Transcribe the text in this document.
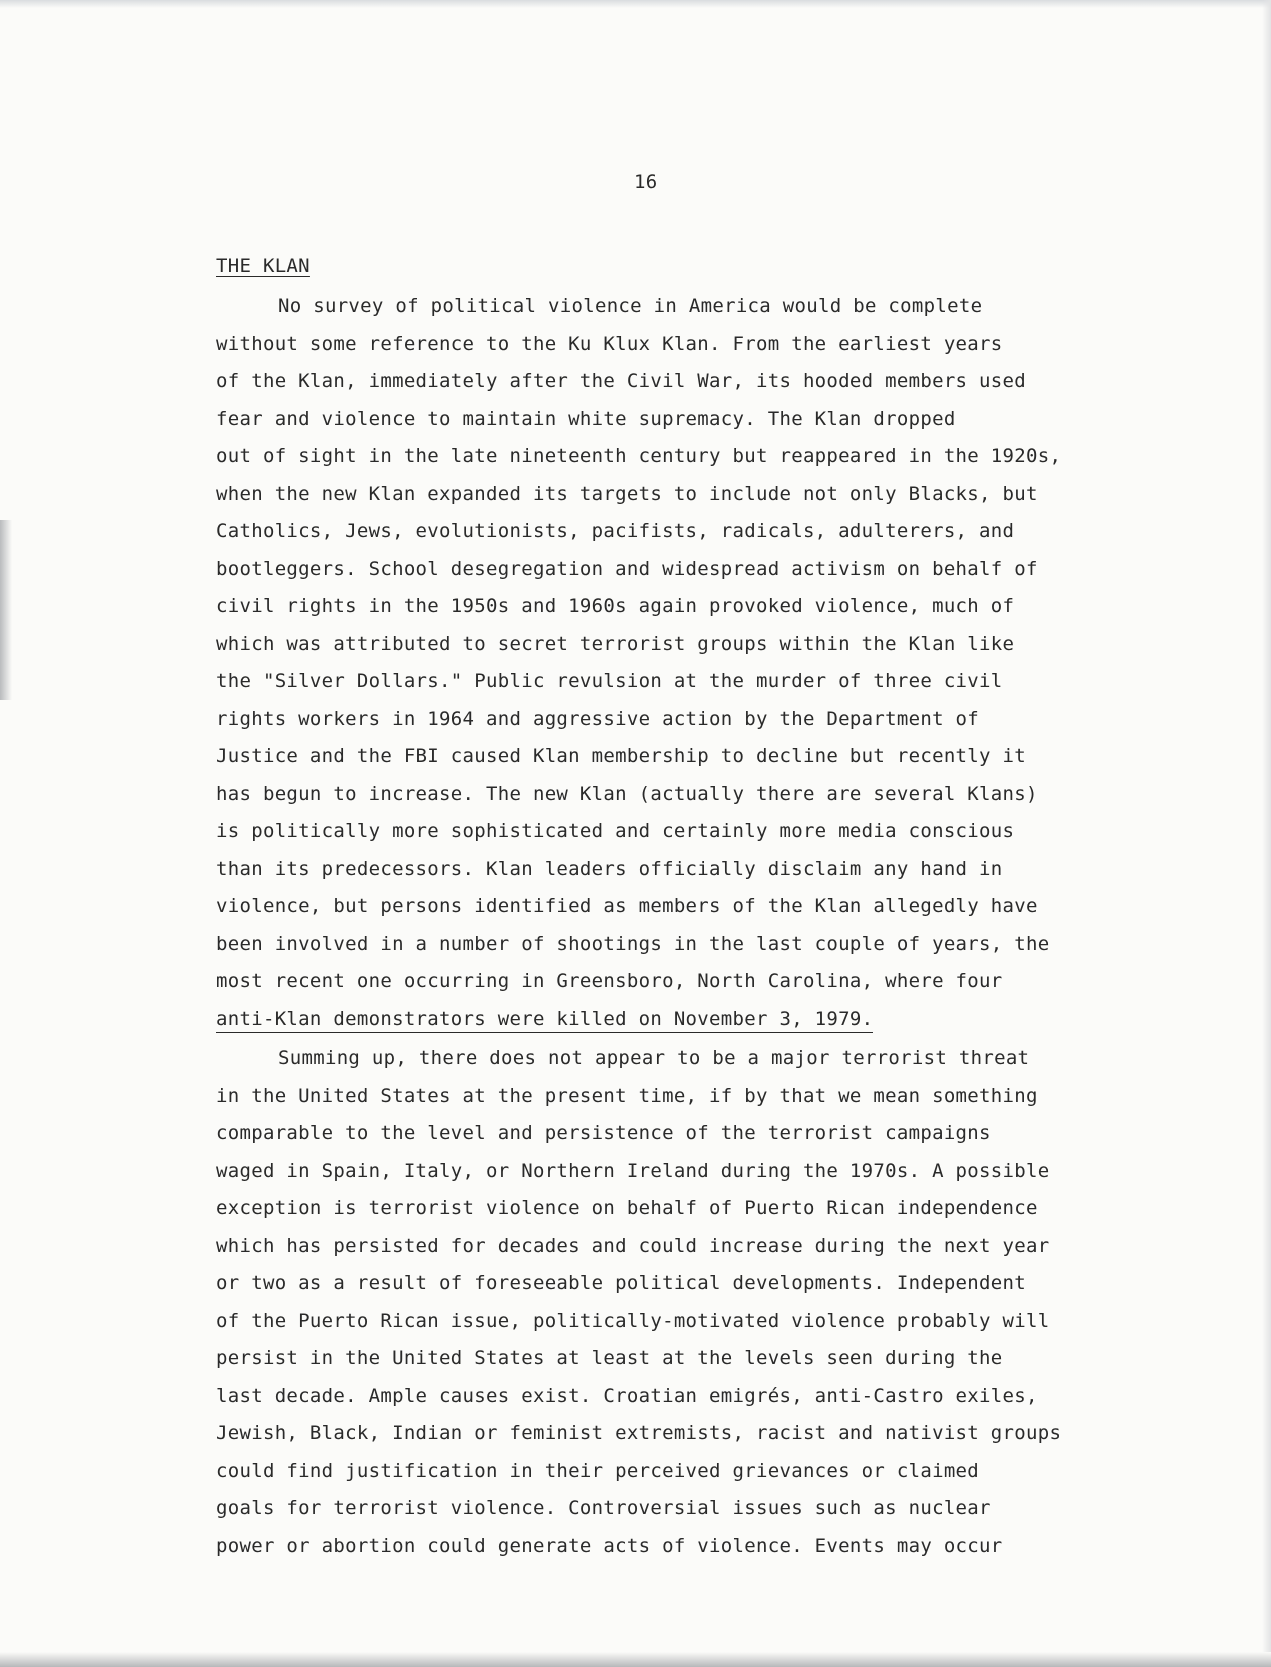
16

THE KLAN

No survey of political violence in America would be complete
without some reference to the Ku Klux Klan. From the earliest years
of the Klan, immediately after the Civil War, its hooded members used
fear and violence to maintain white supremacy. The Klan dropped
out of sight in the late nineteenth century but reappeared in the 1920s,
when the new Klan expanded its targets to include not only Blacks, but
Catholics, Jews, evolutionists, pacifists, radicals, adulterers, and
bootleggers. School desegregation and widespread activism on behalf of
civil rights in the 1950s and 1960s again provoked violence, much of
which was attributed to secret terrorist groups within the Klan like
the "Silver Dollars." Public revulsion at the murder of three civil
rights workers in 1964 and aggressive action by the Department of
Justice and the FBI caused Klan membership to decline but recently it
has begun to increase. The new Klan (actually there are several Klans)
is politically more sophisticated and certainly more media conscious
than its predecessors. Klan leaders officially disclaim any hand in
violence, but persons identified as members of the Klan allegedly have
been involved in a number of shootings in the last couple of years, the
most recent one occurring in Greensboro, North Carolina, where four
anti-Klan demonstrators were killed on November 3, 1979.
Summing up, there does not appear to be a major terrorist threat
in the United States at the present time, if by that we mean something
comparable to the level and persistence of the terrorist campaigns
waged in Spain, Italy, or Northern Ireland during the 1970s. A possible
exception is terrorist violence on behalf of Puerto Rican independence
which has persisted for decades and could increase during the next year
or two as a result of foreseeable political developments. Independent
of the Puerto Rican issue, politically-motivated violence probably will
persist in the United States at least at the levels seen during the
last decade. Ample causes exist. Croatian emigrés, anti-Castro exiles,
Jewish, Black, Indian or feminist extremists, racist and nativist groups
could find justification in their perceived grievances or claimed
goals for terrorist violence. Controversial issues such as nuclear
power or abortion could generate acts of violence. Events may occur
